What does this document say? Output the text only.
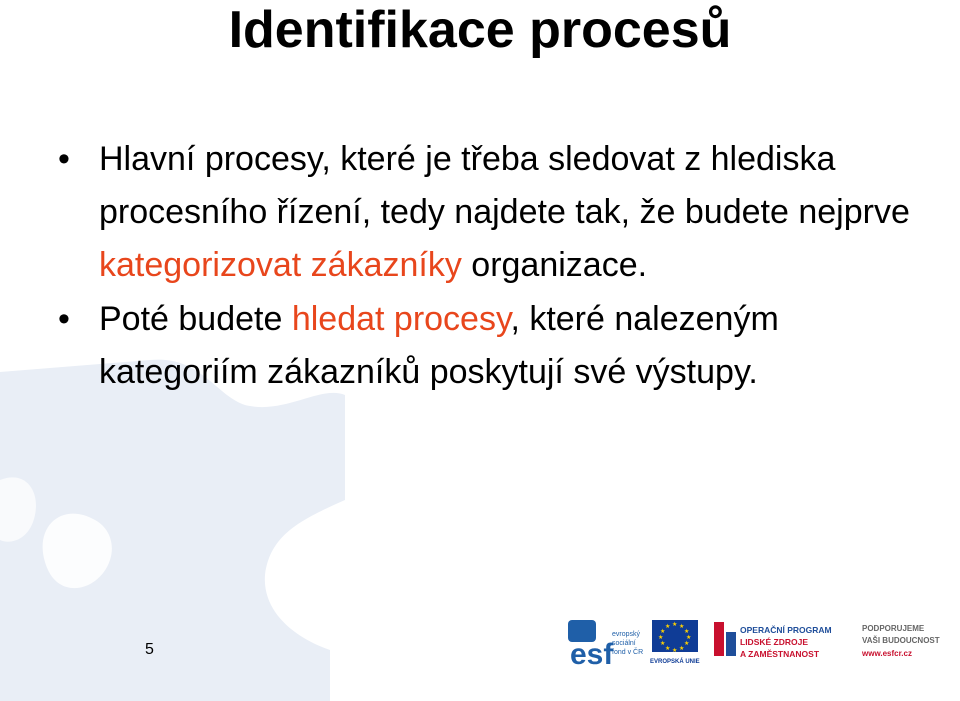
Identifikace procesů
• Hlavní procesy, které je třeba sledovat z hlediska procesního řízení, tedy najdete tak, že budete nejprve kategorizovat zákazníky organizace.
• Poté budete hledat procesy, které nalezeným kategoriím zákazníků poskytují své výstupy.
5	esf
evropský
sociální
fond v ČR
★ ★
★
★
★
★
★
★
★
★
★
★
EVROPSKÁ UNIE
OPERAČNÍ PROGRAM
LIDSKÉ ZDROJE
A ZAMĚSTNANOST
PODPORUJEME
VAŠI BUDOUCNOST
www.esfcr.cz
